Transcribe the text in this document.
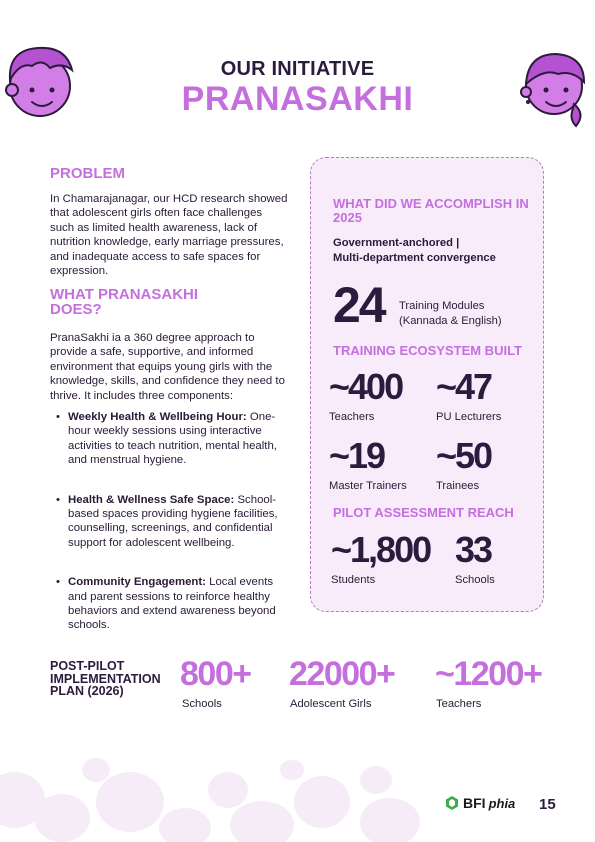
OUR INITIATIVE
PRANASAKHI
PROBLEM

In Chamarajanagar, our HCD research showed that adolescent girls often face challenges such as limited health awareness, lack of nutrition knowledge, early marriage pressures, and inadequate access to safe spaces for expression.

WHAT PRANASAKHI DOES?

PranaSakhi ia a 360 degree approach to provide a safe, supportive, and informed environment that equips young girls with the knowledge, skills, and confidence they need to thrive. It includes three components:

• Weekly Health & Wellbeing Hour: One-hour weekly sessions using interactive activities to teach nutrition, mental health, and menstrual hygiene.
• Health & Wellness Safe Space: School-based spaces providing hygiene facilities, counselling, screenings, and confidential support for adolescent wellbeing.
• Community Engagement: Local events and parent sessions to reinforce healthy behaviors and extend awareness beyond schools.
WHAT DID WE ACCOMPLISH IN 2025
Government-anchored |
Multi-department convergence
24 Training Modules
(Kannada & English)
TRAINING ECOSYSTEM BUILT
~400
Teachers
~47
PU Lecturers
~19
Master Trainers
~50
Trainees
PILOT ASSESSMENT REACH
~1,800
Students
33
Schools
POST-PILOT
IMPLEMENTATION
PLAN (2026)	800+
Schools
22000+
Adolescent Girls
~1200+
Teachers
BFI phia 15
